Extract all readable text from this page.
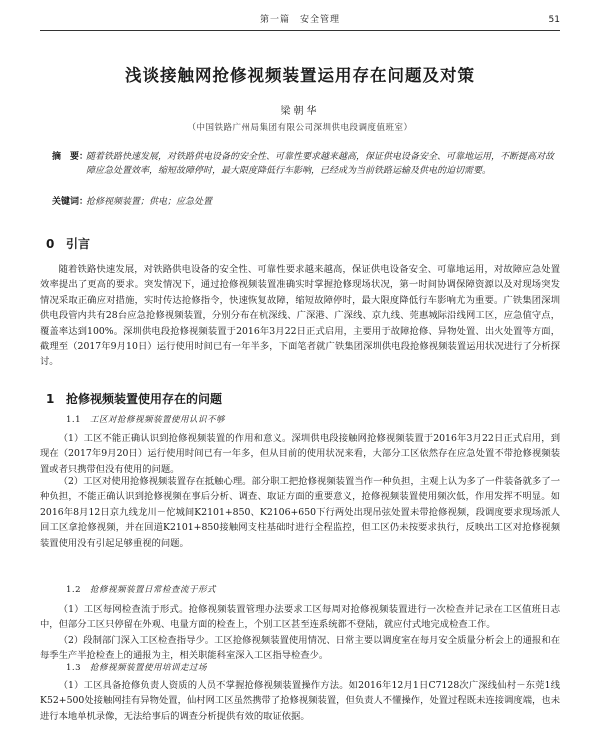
第一篇　安全管理	51
浅谈接触网抢修视频装置运用存在问题及对策
梁朝华
（中国铁路广州局集团有限公司深圳供电段调度值班室）
摘　要：
随着铁路快速发展，对铁路供电设备的安全性、可靠性要求越来越高，保证供电设备安全、可靠地运用，不断提高对故障应急处置效率，缩短故障停时，最大限度降低行车影响，已经成为当前铁路运输及供电的迫切需要。
关键词：
抢修视频装置；供电；应急处置
0 引言
随着铁路快速发展，对铁路供电设备的安全性、可靠性要求越来越高，保证供电设备安全、可靠地运用，对故障应急处置效率提出了更高的要求。突发情况下，通过抢修视频装置准确实时掌握抢修现场状况，第一时间协调保障资源以及对现场突发情况采取正确应对措施，实时传达抢修指令，快速恢复故障，缩短故障停时，最大限度降低行车影响尤为重要。广铁集团深圳供电段管内共有28台应急抢修视频装置，分别分布在杭深线、广深港、广深线、京九线、莞惠城际沿线网工区，应急值守点，覆盖率达到100%。深圳供电段抢修视频装置于2016年3月22日正式启用，主要用于故障抢修、异物处置、出火处置等方面，截理至（2017年9月10日）运行使用时间已有一年半多，下面笔者就广铁集团深圳供电段抢修视频装置运用状况进行了分析探讨。
1 抢修视频装置使用存在的问题
1.1 工区对抢修视频装置使用认识不够
（1）工区不能正确认识到抢修视频装置的作用和意义。深圳供电段接触网抢修视频装置于2016年3月22日正式启用，到现在（2017年9月20日）运行使用时间已有一年多，但从目前的使用状况来看，大部分工区依然存在应急处置不带抢修视频装置或者只携带但没有使用的问题。
（2）工区对使用抢修视频装置存在抵触心理。部分职工把抢修视频装置当作一种负担，主观上认为多了一件装备就多了一种负担，不能正确认识到抢修视频在事后分析、调查、取证方面的重要意义，抢修视频装置使用频次低，作用发挥不明显。如2016年8月12日京九线龙川－佗城间K2101+850、K2106+650下行两处出现吊弦处置未带抢修视频，段调度要求现场派人回工区拿抢修视频，并在回道K2101+850接触网支柱基础时进行全程监控，但工区仍未按要求执行，反映出工区对抢修视频装置使用没有引起足够重视的问题。
1.2 抢修视频装置日常检查流于形式
（1）工区每网检查流于形式。抢修视频装置管理办法要求工区每周对抢修视频装置进行一次检查并记录在工区值班日志中，但部分工区只停留在外观、电量方面的检查上，个别工区甚至连系统都不登陆，就应付式地完成检查工作。
（2）段制部门深入工区检查指导少。工区抢修视频装置使用情况、日常主要以调度室在每月安全质量分析会上的通报和在每季生产半抢检查上的通报为主，相关职能科室深入工区指导检查少。
1.3 抢修视频装置使用培训走过场
（1）工区具备抢修负责人资质的人员不掌握抢修视频装置操作方法。如2016年12月1日C7128次广深线仙村－东莞1线K52+500处接触网挂有异物处置，仙村网工区虽然携带了抢修视频装置，但负责人不懂操作，处置过程既未连接调度端，也未进行本地单机录像，无法给事后的调查分析提供有效的取证依据。
